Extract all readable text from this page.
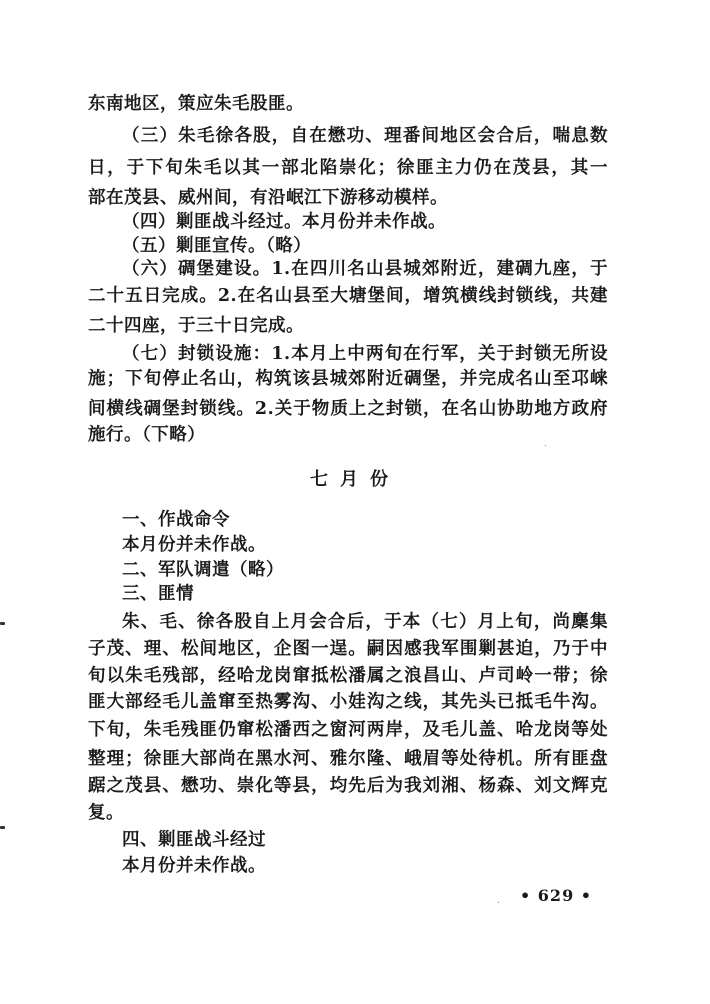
东南地区，策应朱毛股匪。
（三）朱毛徐各股，自在懋功、理番间地区会合后，喘息数
日，于下旬朱毛以其一部北陷崇化；徐匪主力仍在茂县，其一
部在茂县、威州间，有沿岷江下游移动模样。
（四）剿匪战斗经过。本月份并未作战。
（五）剿匪宣传。（略）
（六）碉堡建设。1.在四川名山县城郊附近，建碉九座，于
二十五日完成。2.在名山县至大塘堡间，增筑横线封锁线，共建
二十四座，于三十日完成。
（七）封锁设施：1.本月上中两旬在行军，关于封锁无所设
施；下旬停止名山，构筑该县城郊附近碉堡，并完成名山至邛崃
间横线碉堡封锁线。2.关于物质上之封锁，在名山协助地方政府
施行。（下略）
七月份
一、作战命令
本月份并未作战。
二、军队调遣（略）
三、匪情
朱、毛、徐各股自上月会合后，于本（七）月上旬，尚麇集
子茂、理、松间地区，企图一逞。嗣因感我军围剿甚迫，乃于中
旬以朱毛残部，经哈龙岗窜抵松潘属之浪昌山、卢司岭一带；徐
匪大部经毛儿盖窜至热雾沟、小娃沟之线，其先头已抵毛牛沟。
下旬，朱毛残匪仍窜松潘西之窗河两岸，及毛儿盖、哈龙岗等处
整理；徐匪大部尚在黑水河、雅尔隆、峨眉等处待机。所有匪盘
踞之茂县、懋功、崇化等县，均先后为我刘湘、杨森、刘文辉克
复。
四、剿匪战斗经过
本月份并未作战。
• 629 •
·
ˏ
